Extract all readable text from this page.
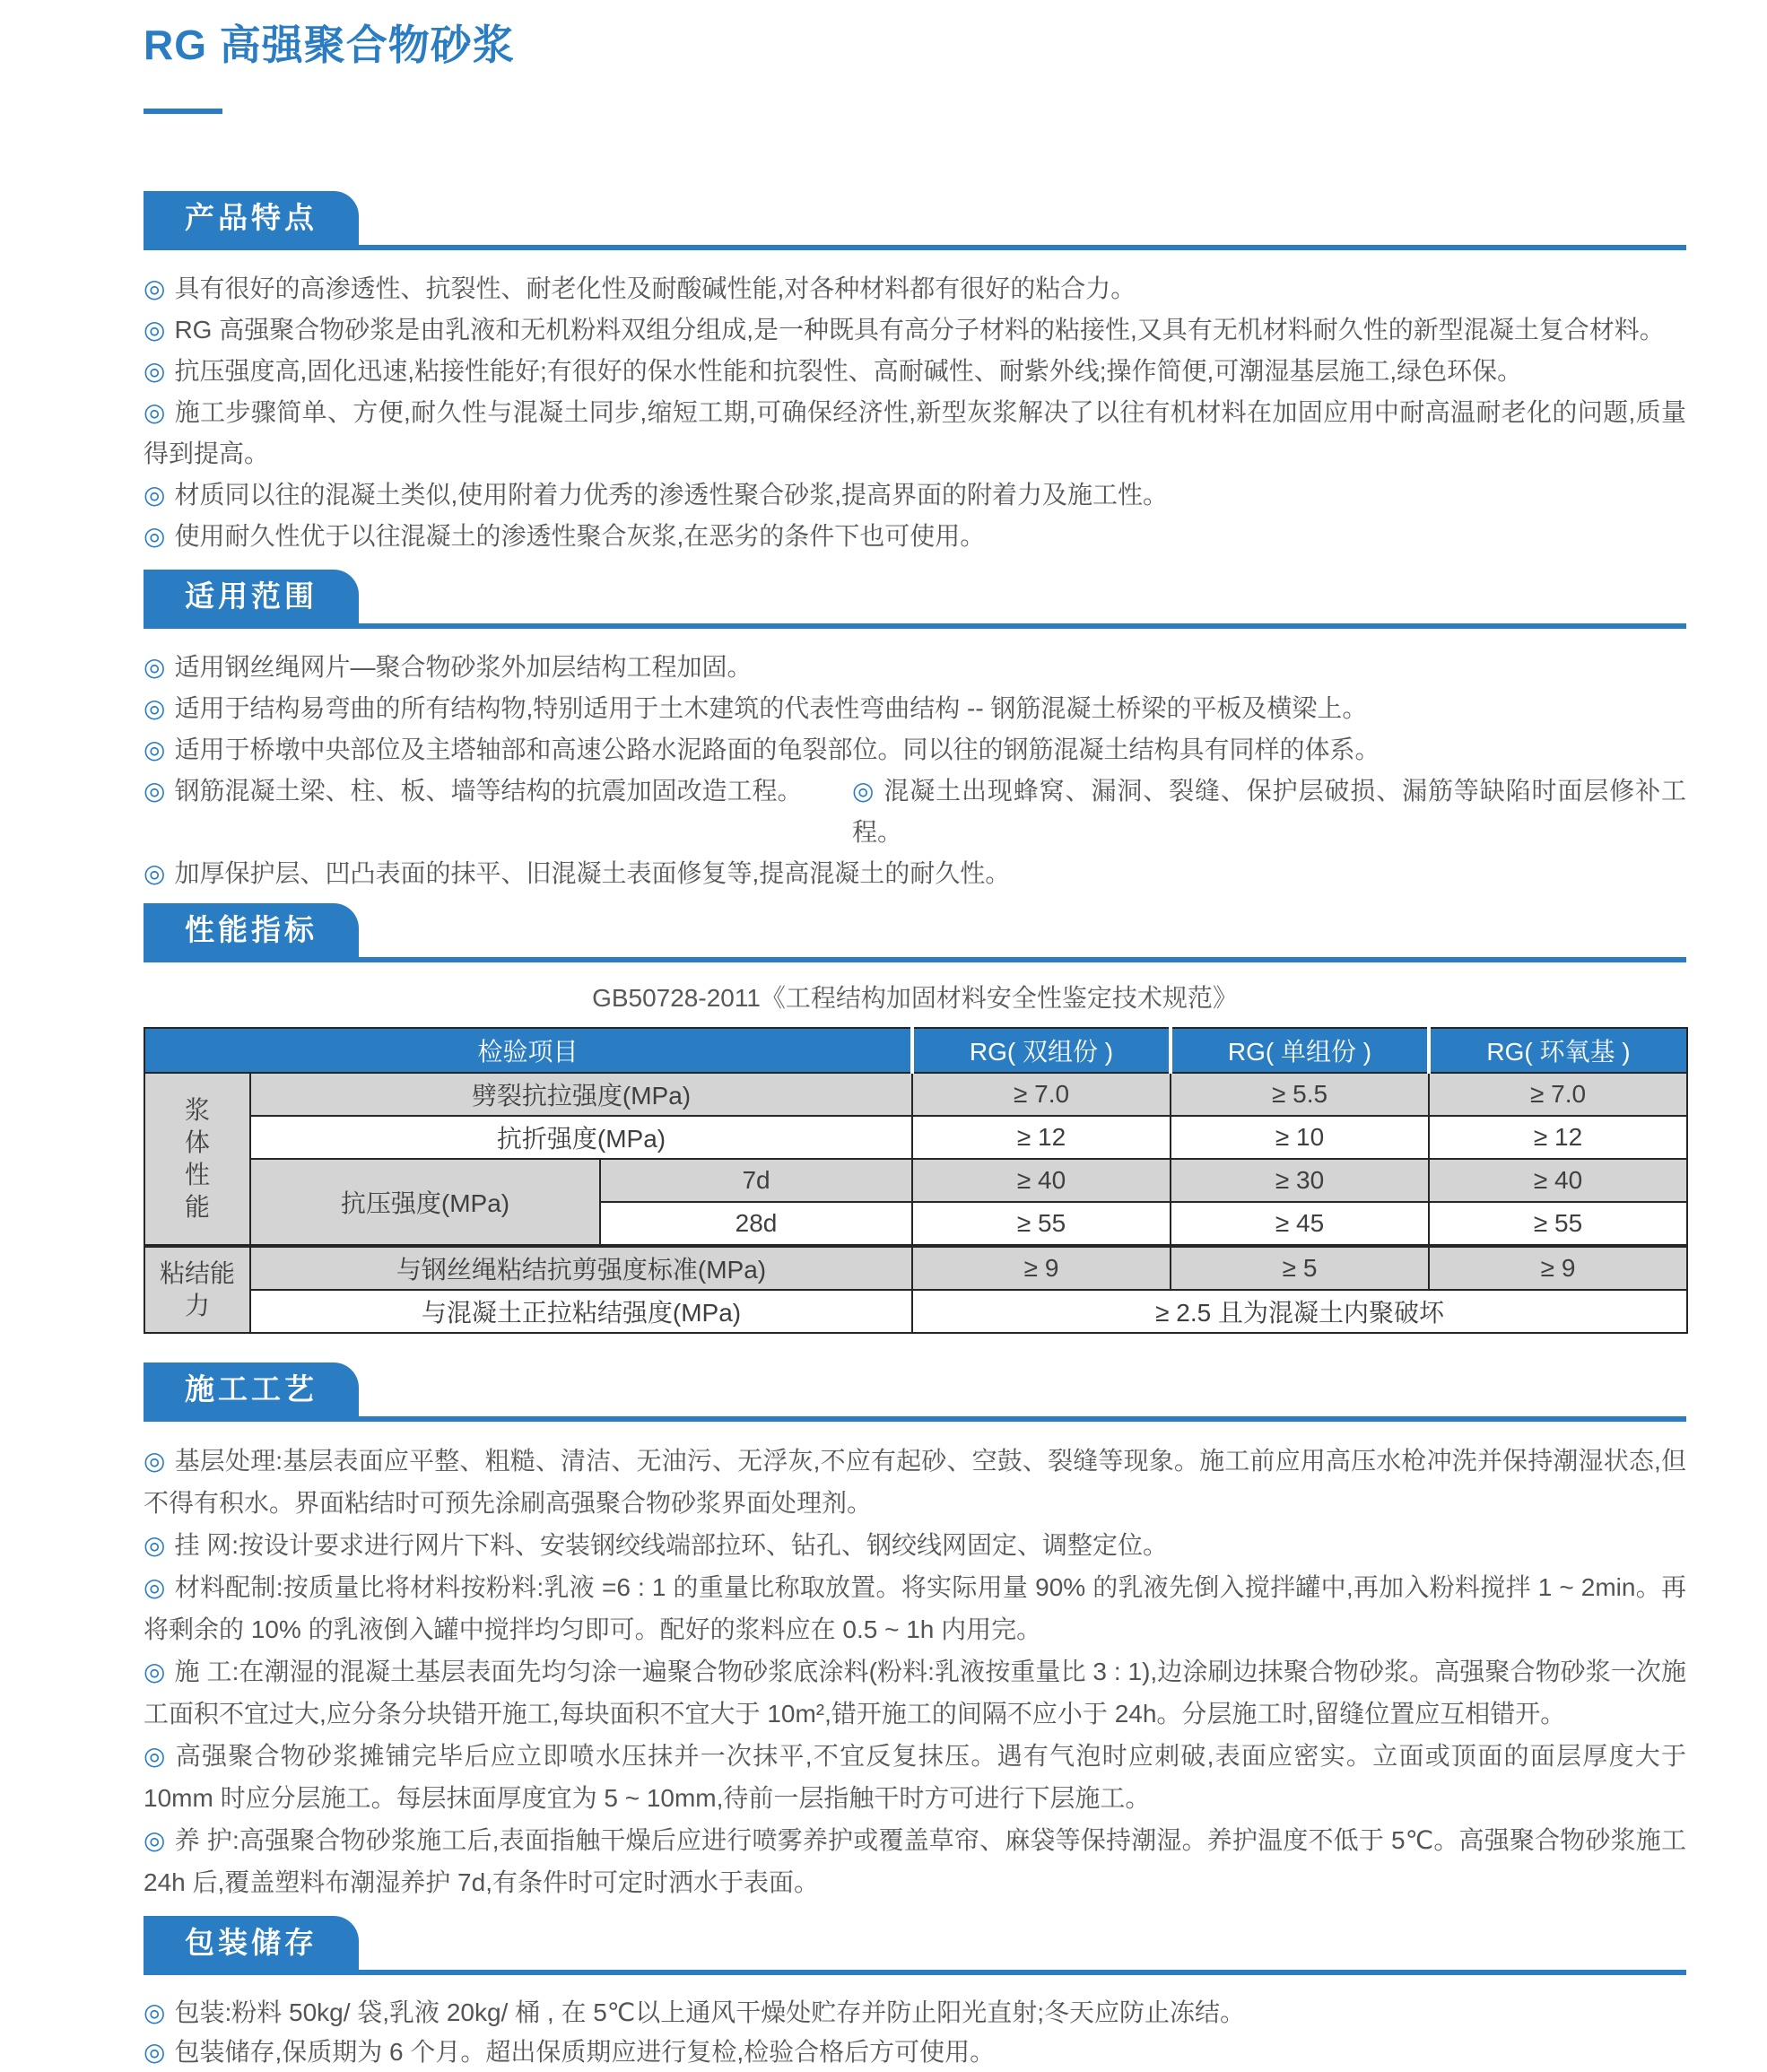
RG 高强聚合物砂浆
产品特点

◎ 具有很好的高渗透性、抗裂性、耐老化性及耐酸碱性能,对各种材料都有很好的粘合力。

◎ RG 高强聚合物砂浆是由乳液和无机粉料双组分组成,是一种既具有高分子材料的粘接性,又具有无机材料耐久性的新型混凝土复合材料。

◎ 抗压强度高,固化迅速,粘接性能好;有很好的保水性能和抗裂性、高耐碱性、耐紫外线;操作简便,可潮湿基层施工,绿色环保。

◎ 施工步骤简单、方便,耐久性与混凝土同步,缩短工期,可确保经济性,新型灰浆解决了以往有机材料在加固应用中耐高温耐老化的问题,质量得到提高。

◎ 材质同以往的混凝土类似,使用附着力优秀的渗透性聚合砂浆,提高界面的附着力及施工性。

◎ 使用耐久性优于以往混凝土的渗透性聚合灰浆,在恶劣的条件下也可使用。

适用范围

◎ 适用钢丝绳网片—聚合物砂浆外加层结构工程加固。

◎ 适用于结构易弯曲的所有结构物,特别适用于土木建筑的代表性弯曲结构 -- 钢筋混凝土桥梁的平板及横梁上。

◎ 适用于桥墩中央部位及主塔轴部和高速公路水泥路面的龟裂部位。同以往的钢筋混凝土结构具有同样的体系。

◎ 钢筋混凝土梁、柱、板、墙等结构的抗震加固改造工程。	◎ 混凝土出现蜂窝、漏洞、裂缝、保护层破损、漏筋等缺陷时面层修补工程。

◎ 加厚保护层、凹凸表面的抹平、旧混凝土表面修复等,提高混凝土的耐久性。

性能指标
GB50728-2011《工程结构加固材料安全性鉴定技术规范》
检验项目			RG( 双组份 )	RG( 单组份 )	RG( 环氧基 )

浆
体
性
能	劈裂抗拉强度(MPa)		≥ 7.0	≥ 5.5	≥ 7.0
	抗折强度(MPa)		≥ 12	≥ 10	≥ 12
	抗压强度(MPa)	7d	≥ 40	≥ 30	≥ 40
		28d	≥ 55	≥ 45	≥ 55

粘结能
力	与钢丝绳粘结抗剪强度标准(MPa)		≥ 9	≥ 5	≥ 9
	与混凝土正拉粘结强度(MPa)		≥ 2.5 且为混凝土内聚破坏		
施工工艺

◎ 基层处理:基层表面应平整、粗糙、清洁、无油污、无浮灰,不应有起砂、空鼓、裂缝等现象。施工前应用高压水枪冲洗并保持潮湿状态,但不得有积水。界面粘结时可预先涂刷高强聚合物砂浆界面处理剂。

◎ 挂 网:按设计要求进行网片下料、安装钢绞线端部拉环、钻孔、钢绞线网固定、调整定位。

◎ 材料配制:按质量比将材料按粉料:乳液 =6 : 1 的重量比称取放置。将实际用量 90% 的乳液先倒入搅拌罐中,再加入粉料搅拌 1 ~ 2min。再将剩余的 10% 的乳液倒入罐中搅拌均匀即可。配好的浆料应在 0.5 ~ 1h 内用完。

◎ 施 工:在潮湿的混凝土基层表面先均匀涂一遍聚合物砂浆底涂料(粉料:乳液按重量比 3 : 1),边涂刷边抹聚合物砂浆。高强聚合物砂浆一次施工面积不宜过大,应分条分块错开施工,每块面积不宜大于 10m²,错开施工的间隔不应小于 24h。分层施工时,留缝位置应互相错开。

◎ 高强聚合物砂浆摊铺完毕后应立即喷水压抹并一次抹平,不宜反复抹压。遇有气泡时应刺破,表面应密实。立面或顶面的面层厚度大于 10mm 时应分层施工。每层抹面厚度宜为 5 ~ 10mm,待前一层指触干时方可进行下层施工。

◎ 养 护:高强聚合物砂浆施工后,表面指触干燥后应进行喷雾养护或覆盖草帘、麻袋等保持潮湿。养护温度不低于 5℃。高强聚合物砂浆施工 24h 后,覆盖塑料布潮湿养护 7d,有条件时可定时洒水于表面。

包装储存

◎ 包装:粉料 50kg/ 袋,乳液 20kg/ 桶 , 在 5℃以上通风干燥处贮存并防止阳光直射;冬天应防止冻结。

◎ 包装储存,保质期为 6 个月。超出保质期应进行复检,检验合格后方可使用。
